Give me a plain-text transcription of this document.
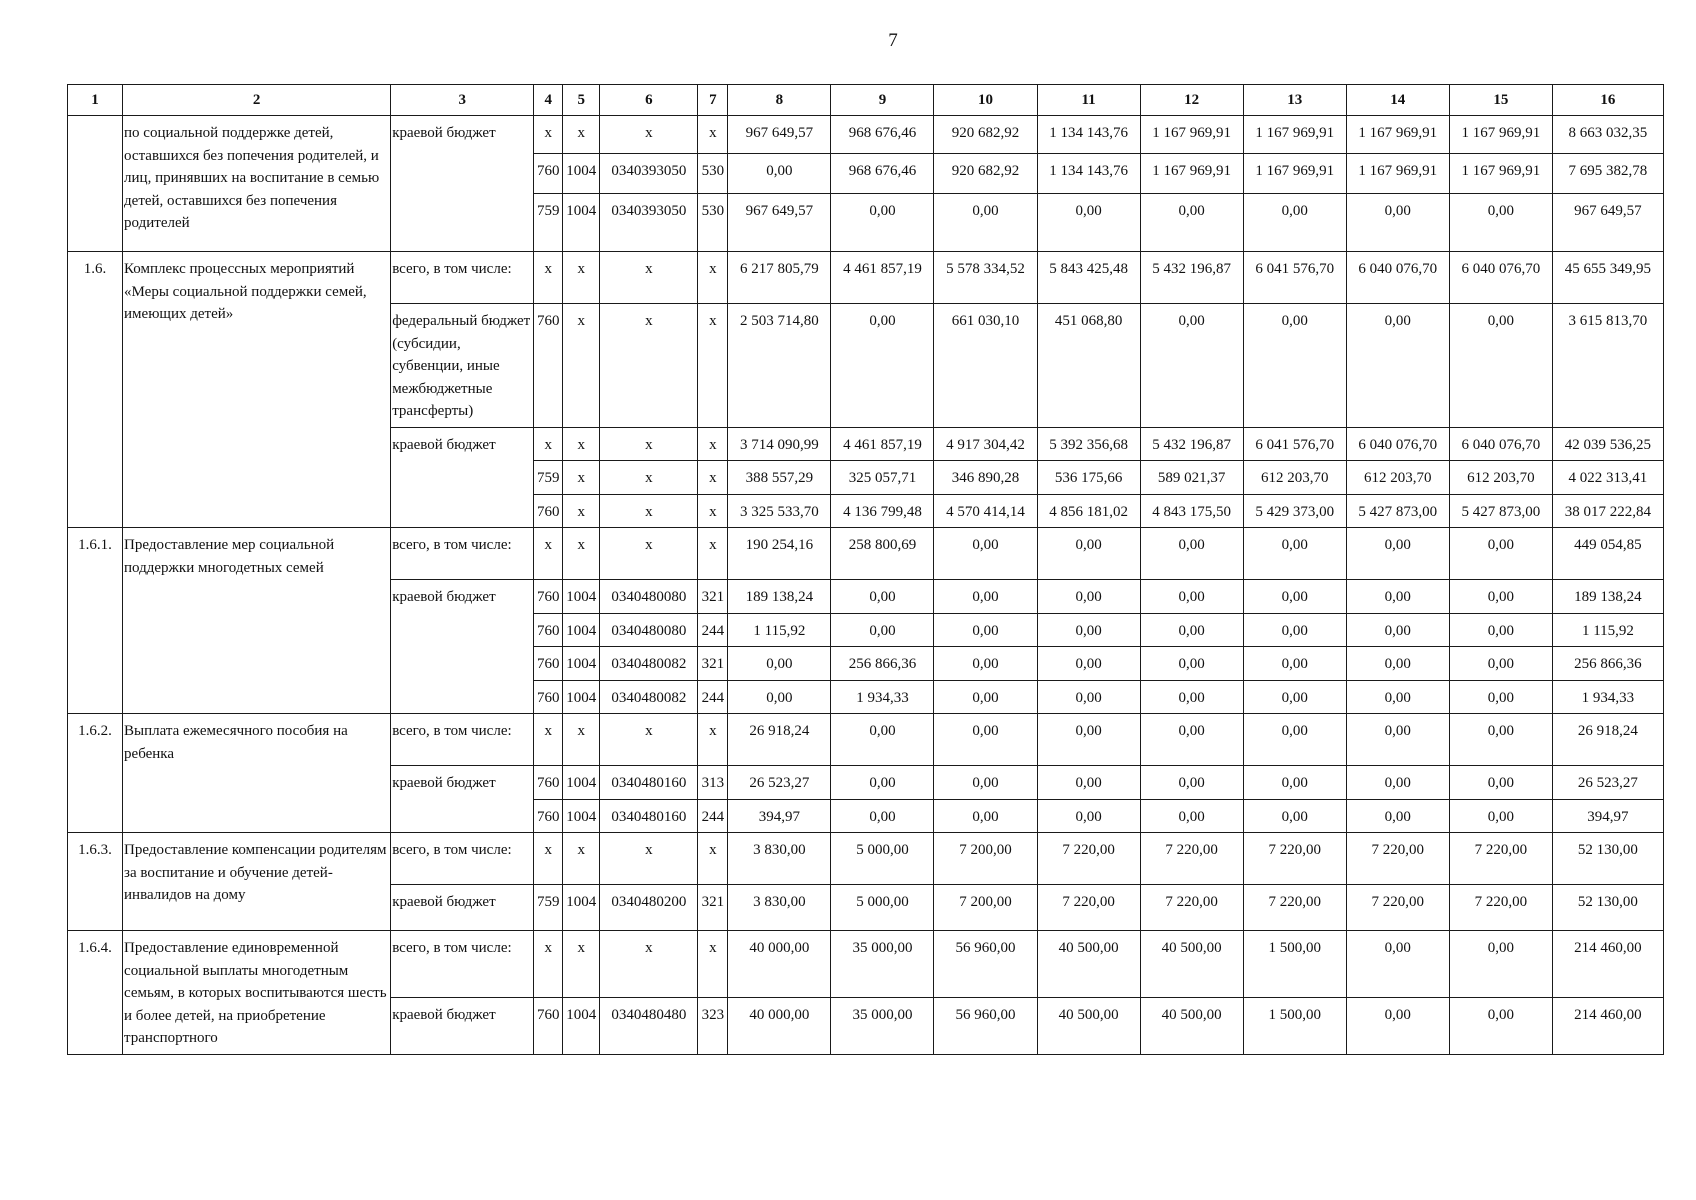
7
1	2	3	4	5	6	7	8	9	10	11	12	13	14	15	16
	по социальной поддержке детей, оставшихся без попечения родителей, и лиц, принявших на воспитание в семью детей, оставшихся без попечения родителей	краевой бюджет	х	х	х	х	967 649,57	968 676,46	920 682,92	1 134 143,76	1 167 969,91	1 167 969,91	1 167 969,91	1 167 969,91	8 663 032,35
			760	1004	0340393050	530	0,00	968 676,46	920 682,92	1 134 143,76	1 167 969,91	1 167 969,91	1 167 969,91	1 167 969,91	7 695 382,78
			759	1004	0340393050	530	967 649,57	0,00	0,00	0,00	0,00	0,00	0,00	0,00	967 649,57
1.6.	Комплекс процессных мероприятий «Меры социальной поддержки семей, имеющих детей»	всего, в том числе:	х	х	х	х	6 217 805,79	4 461 857,19	5 578 334,52	5 843 425,48	5 432 196,87	6 041 576,70	6 040 076,70	6 040 076,70	45 655 349,95
		федеральный бюджет (субсидии, субвенции, иные межбюджетные трансферты)	760	х	х	х	2 503 714,80	0,00	661 030,10	451 068,80	0,00	0,00	0,00	0,00	3 615 813,70
		краевой бюджет	х	х	х	х	3 714 090,99	4 461 857,19	4 917 304,42	5 392 356,68	5 432 196,87	6 041 576,70	6 040 076,70	6 040 076,70	42 039 536,25
			759	х	х	х	388 557,29	325 057,71	346 890,28	536 175,66	589 021,37	612 203,70	612 203,70	612 203,70	4 022 313,41
			760	х	х	х	3 325 533,70	4 136 799,48	4 570 414,14	4 856 181,02	4 843 175,50	5 429 373,00	5 427 873,00	5 427 873,00	38 017 222,84
1.6.1.	Предоставление мер социальной поддержки многодетных семей	всего, в том числе:	х	х	х	х	190 254,16	258 800,69	0,00	0,00	0,00	0,00	0,00	0,00	449 054,85
		краевой бюджет	760	1004	0340480080	321	189 138,24	0,00	0,00	0,00	0,00	0,00	0,00	0,00	189 138,24
			760	1004	0340480080	244	1 115,92	0,00	0,00	0,00	0,00	0,00	0,00	0,00	1 115,92
			760	1004	0340480082	321	0,00	256 866,36	0,00	0,00	0,00	0,00	0,00	0,00	256 866,36
			760	1004	0340480082	244	0,00	1 934,33	0,00	0,00	0,00	0,00	0,00	0,00	1 934,33
1.6.2.	Выплата ежемесячного пособия на ребенка	всего, в том числе:	х	х	х	х	26 918,24	0,00	0,00	0,00	0,00	0,00	0,00	0,00	26 918,24
		краевой бюджет	760	1004	0340480160	313	26 523,27	0,00	0,00	0,00	0,00	0,00	0,00	0,00	26 523,27
			760	1004	0340480160	244	394,97	0,00	0,00	0,00	0,00	0,00	0,00	0,00	394,97
1.6.3.	Предоставление компенсации родителям за воспитание и обучение детей-инвалидов на дому	всего, в том числе:	х	х	х	х	3 830,00	5 000,00	7 200,00	7 220,00	7 220,00	7 220,00	7 220,00	7 220,00	52 130,00
		краевой бюджет	759	1004	0340480200	321	3 830,00	5 000,00	7 200,00	7 220,00	7 220,00	7 220,00	7 220,00	7 220,00	52 130,00
1.6.4.	Предоставление единовременной социальной выплаты многодетным семьям, в которых воспитываются шесть и более детей, на приобретение транспортного	всего, в том числе:	х	х	х	х	40 000,00	35 000,00	56 960,00	40 500,00	40 500,00	1 500,00	0,00	0,00	214 460,00
		краевой бюджет	760	1004	0340480480	323	40 000,00	35 000,00	56 960,00	40 500,00	40 500,00	1 500,00	0,00	0,00	214 460,00
